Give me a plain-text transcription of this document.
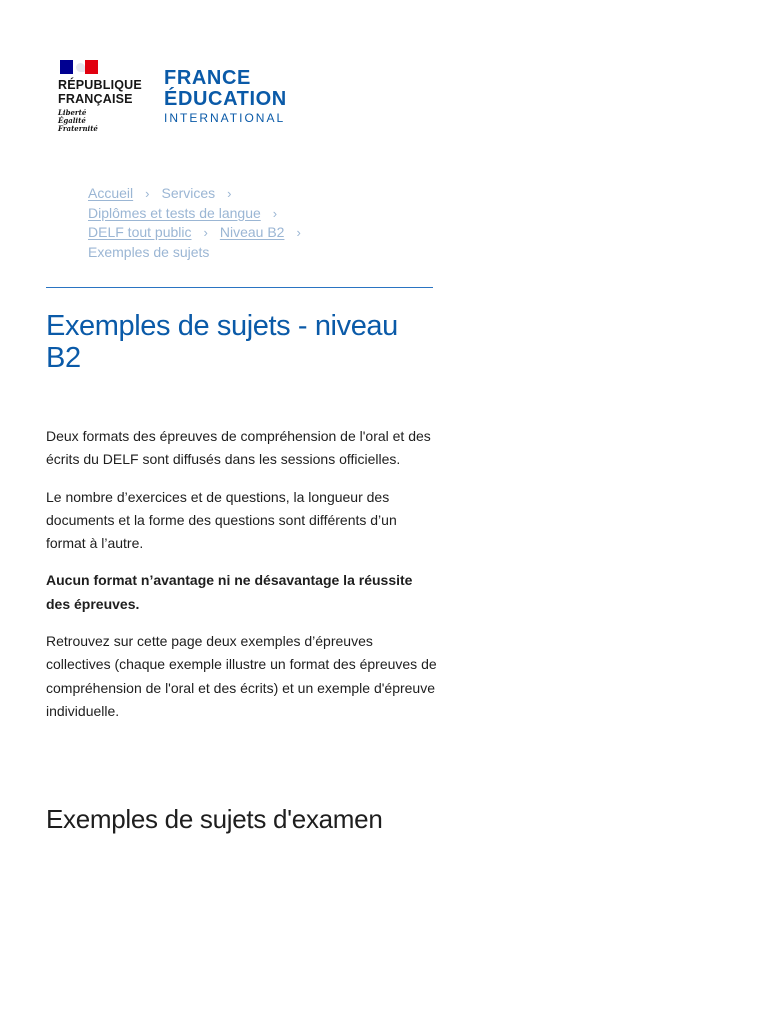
RÉPUBLIQUE
FRANÇAISE
Liberté
Égalité
Fraternité
FRANCE
ÉDUCATION
INTERNATIONAL
Accueil › Services ›
Diplômes et tests de langue ›
DELF tout public › Niveau B2 ›
Exemples de sujets
Exemples de sujets - niveau B2

Deux formats des épreuves de compréhension de l'oral et des écrits du DELF sont diffusés dans les sessions officielles.

Le nombre d’exercices et de questions, la longueur des documents et la forme des questions sont différents d’un format à l’autre.

Aucun format n’avantage ni ne désavantage la réussite des épreuves.

Retrouvez sur cette page deux exemples d’épreuves collectives (chaque exemple illustre un format des épreuves de compréhension de l'oral et des écrits) et un exemple d'épreuve individuelle.

Exemples de sujets d'examen
